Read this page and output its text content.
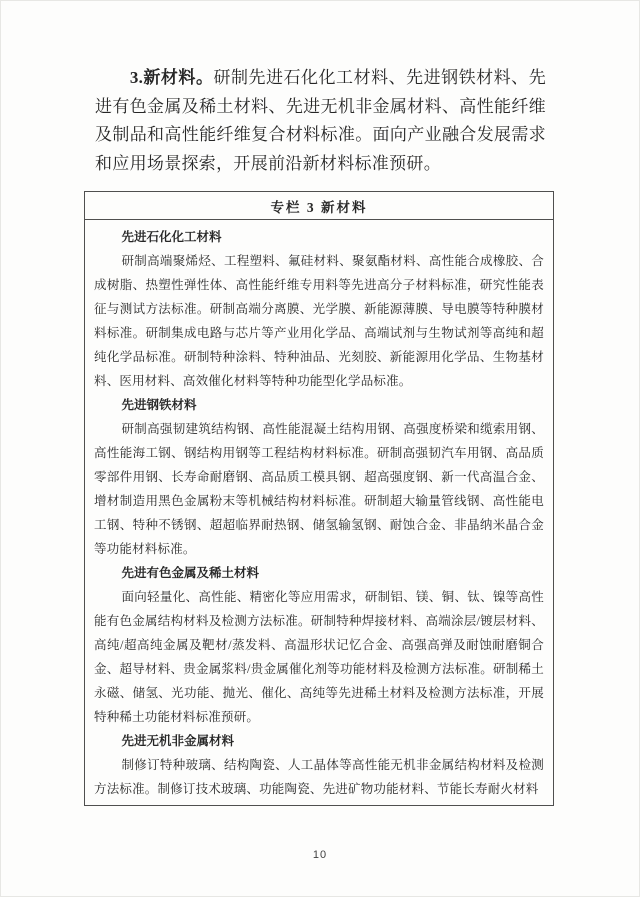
3.新材料。研制先进石化化工材料、先进钢铁材料、先进有色金属及稀土材料、先进无机非金属材料、高性能纤维及制品和高性能纤维复合材料标准。面向产业融合发展需求和应用场景探索，开展前沿新材料标准预研。

专栏 3 新材料

先进石化化工材料

研制高端聚烯烃、工程塑料、氟硅材料、聚氨酯材料、高性能合成橡胶、合成树脂、热塑性弹性体、高性能纤维专用料等先进高分子材料标准，研究性能表征与测试方法标准。研制高端分离膜、光学膜、新能源薄膜、导电膜等特种膜材料标准。研制集成电路与芯片等产业用化学品、高端试剂与生物试剂等高纯和超纯化学品标准。研制特种涂料、特种油品、光刻胶、新能源用化学品、生物基材料、医用材料、高效催化材料等特种功能型化学品标准。

先进钢铁材料

研制高强韧建筑结构钢、高性能混凝土结构用钢、高强度桥梁和缆索用钢、高性能海工钢、钢结构用钢等工程结构材料标准。研制高强韧汽车用钢、高品质零部件用钢、长寿命耐磨钢、高品质工模具钢、超高强度钢、新一代高温合金、增材制造用黑色金属粉末等机械结构材料标准。研制超大输量管线钢、高性能电工钢、特种不锈钢、超超临界耐热钢、储氢输氢钢、耐蚀合金、非晶纳米晶合金等功能材料标准。

先进有色金属及稀土材料

面向轻量化、高性能、精密化等应用需求，研制铝、镁、铜、钛、镍等高性能有色金属结构材料及检测方法标准。研制特种焊接材料、高端涂层/镀层材料、高纯/超高纯金属及靶材/蒸发料、高温形状记忆合金、高强高弹及耐蚀耐磨铜合金、超导材料、贵金属浆料/贵金属催化剂等功能材料及检测方法标准。研制稀土永磁、储氢、光功能、抛光、催化、高纯等先进稀土材料及检测方法标准，开展特种稀土功能材料标准预研。

先进无机非金属材料

制修订特种玻璃、结构陶瓷、人工晶体等高性能无机非金属结构材料及检测方法标准。制修订技术玻璃、功能陶瓷、先进矿物功能材料、节能长寿耐火材料

10
